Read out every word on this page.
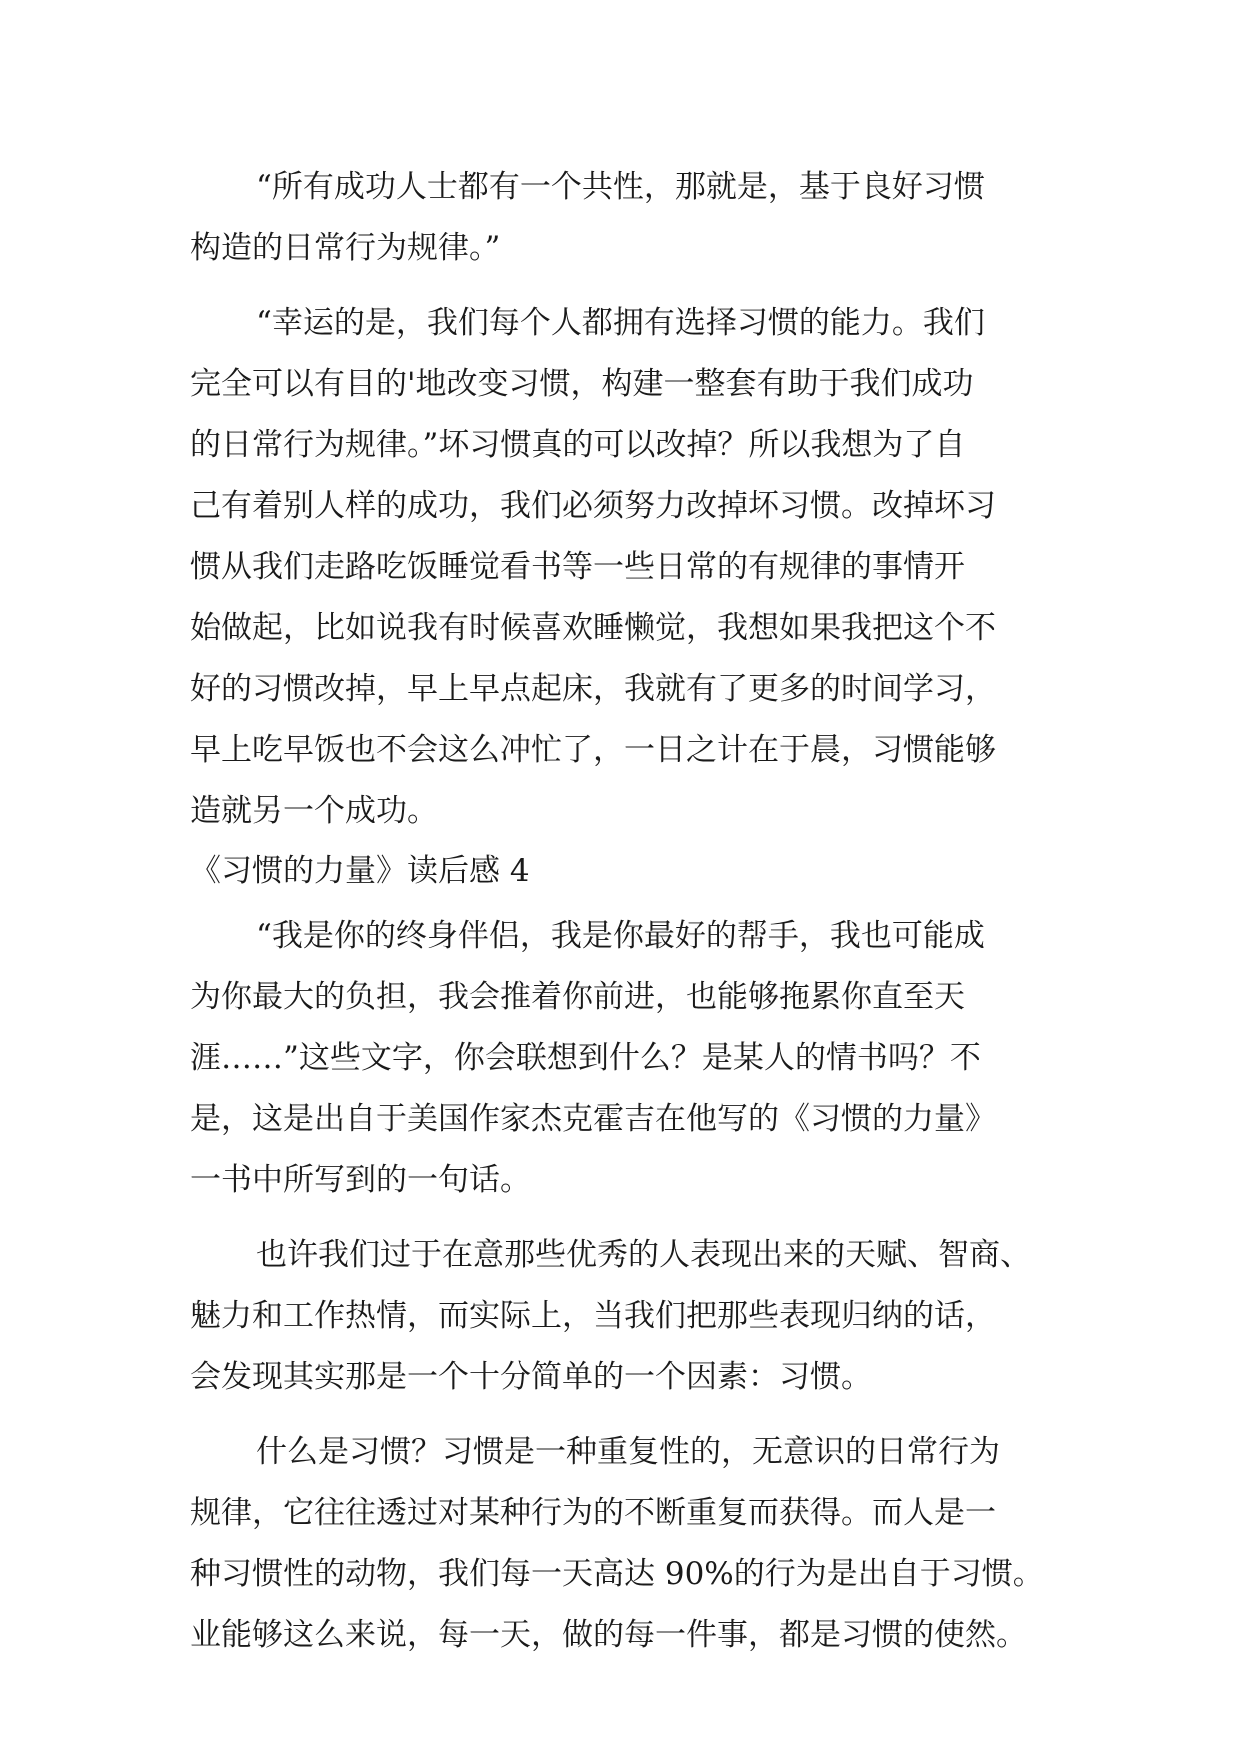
“所有成功人士都有一个共性，那就是，基于良好习惯
构造的日常行为规律。”
“幸运的是，我们每个人都拥有选择习惯的能力。我们
完全可以有目的'地改变习惯，构建一整套有助于我们成功
的日常行为规律。”坏习惯真的可以改掉？所以我想为了自
己有着别人样的成功，我们必须努力改掉坏习惯。改掉坏习
惯从我们走路吃饭睡觉看书等一些日常的有规律的事情开
始做起，比如说我有时候喜欢睡懒觉，我想如果我把这个不
好的习惯改掉，早上早点起床，我就有了更多的时间学习，
早上吃早饭也不会这么冲忙了，一日之计在于晨，习惯能够
造就另一个成功。
《习惯的力量》读后感 4
“我是你的终身伴侣，我是你最好的帮手，我也可能成
为你最大的负担，我会推着你前进，也能够拖累你直至天
涯……”这些文字，你会联想到什么？是某人的情书吗？不
是，这是出自于美国作家杰克霍吉在他写的《习惯的力量》
一书中所写到的一句话。
也许我们过于在意那些优秀的人表现出来的天赋、智商、
魅力和工作热情，而实际上，当我们把那些表现归纳的话，
会发现其实那是一个十分简单的一个因素：习惯。
什么是习惯？习惯是一种重复性的，无意识的日常行为
规律，它往往透过对某种行为的不断重复而获得。而人是一
种习惯性的动物，我们每一天高达 90%的行为是出自于习惯。
业能够这么来说，每一天，做的每一件事，都是习惯的使然。
